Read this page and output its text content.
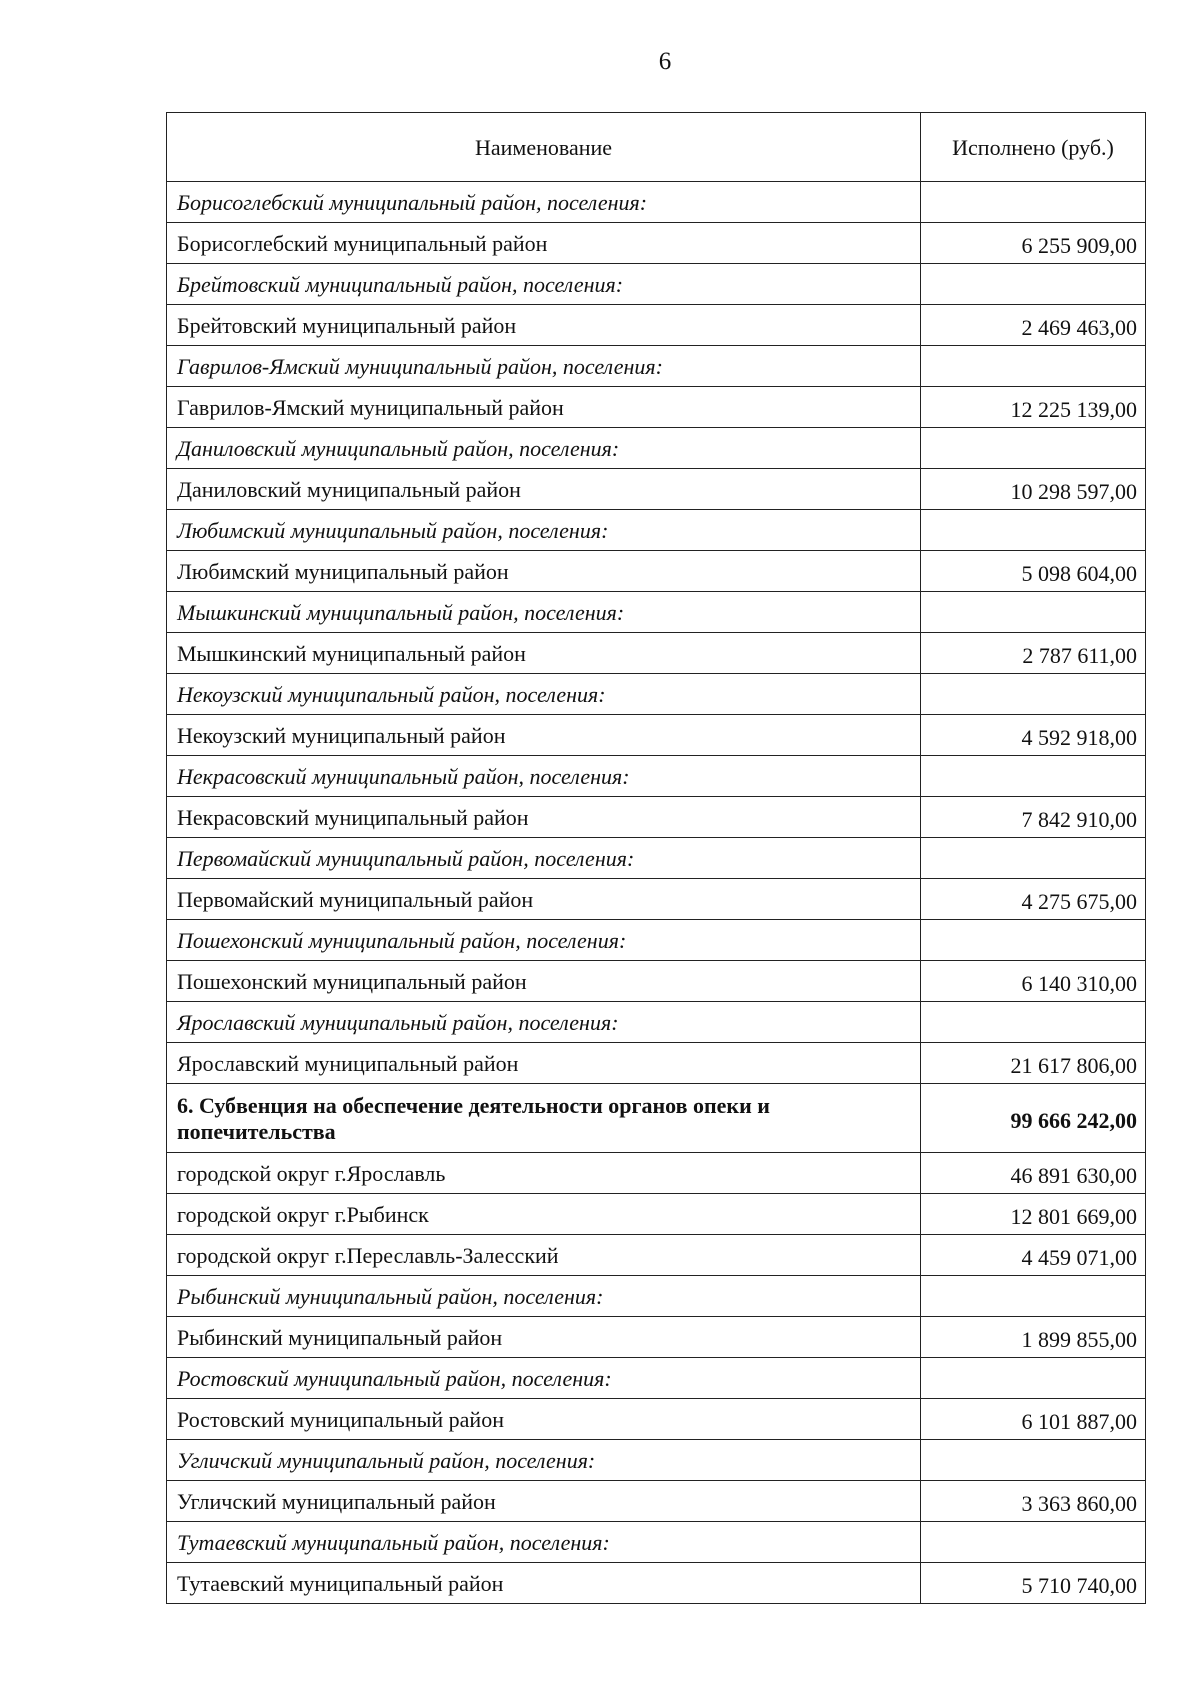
6
Наименование	Исполнено (руб.)
Борисоглебский муниципальный район, поселения:	
Борисоглебский муниципальный район	6 255 909,00
Брейтовский муниципальный район, поселения:	
Брейтовский муниципальный район	2 469 463,00
Гаврилов-Ямский муниципальный район, поселения:	
Гаврилов-Ямский муниципальный район	12 225 139,00
Даниловский муниципальный район, поселения:	
Даниловский муниципальный район	10 298 597,00
Любимский муниципальный район, поселения:	
Любимский муниципальный район	5 098 604,00
Мышкинский муниципальный район, поселения:	
Мышкинский муниципальный район	2 787 611,00
Некоузский муниципальный район, поселения:	
Некоузский муниципальный район	4 592 918,00
Некрасовский муниципальный район, поселения:	
Некрасовский муниципальный район	7 842 910,00
Первомайский муниципальный район, поселения:	
Первомайский муниципальный район	4 275 675,00
Пошехонский муниципальный район, поселения:	
Пошехонский муниципальный район	6 140 310,00
Ярославский муниципальный район, поселения:	
Ярославский муниципальный район	21 617 806,00
6. Субвенция на обеспечение деятельности органов опеки и попечительства	99 666 242,00
городской округ г.Ярославль	46 891 630,00
городской округ г.Рыбинск	12 801 669,00
городской округ г.Переславль-Залесский	4 459 071,00
Рыбинский муниципальный район, поселения:	
Рыбинский муниципальный район	1 899 855,00
Ростовский муниципальный район, поселения:	
Ростовский муниципальный район	6 101 887,00
Угличский муниципальный район, поселения:	
Угличский муниципальный район	3 363 860,00
Тутаевский муниципальный район, поселения:	
Тутаевский муниципальный район	5 710 740,00
